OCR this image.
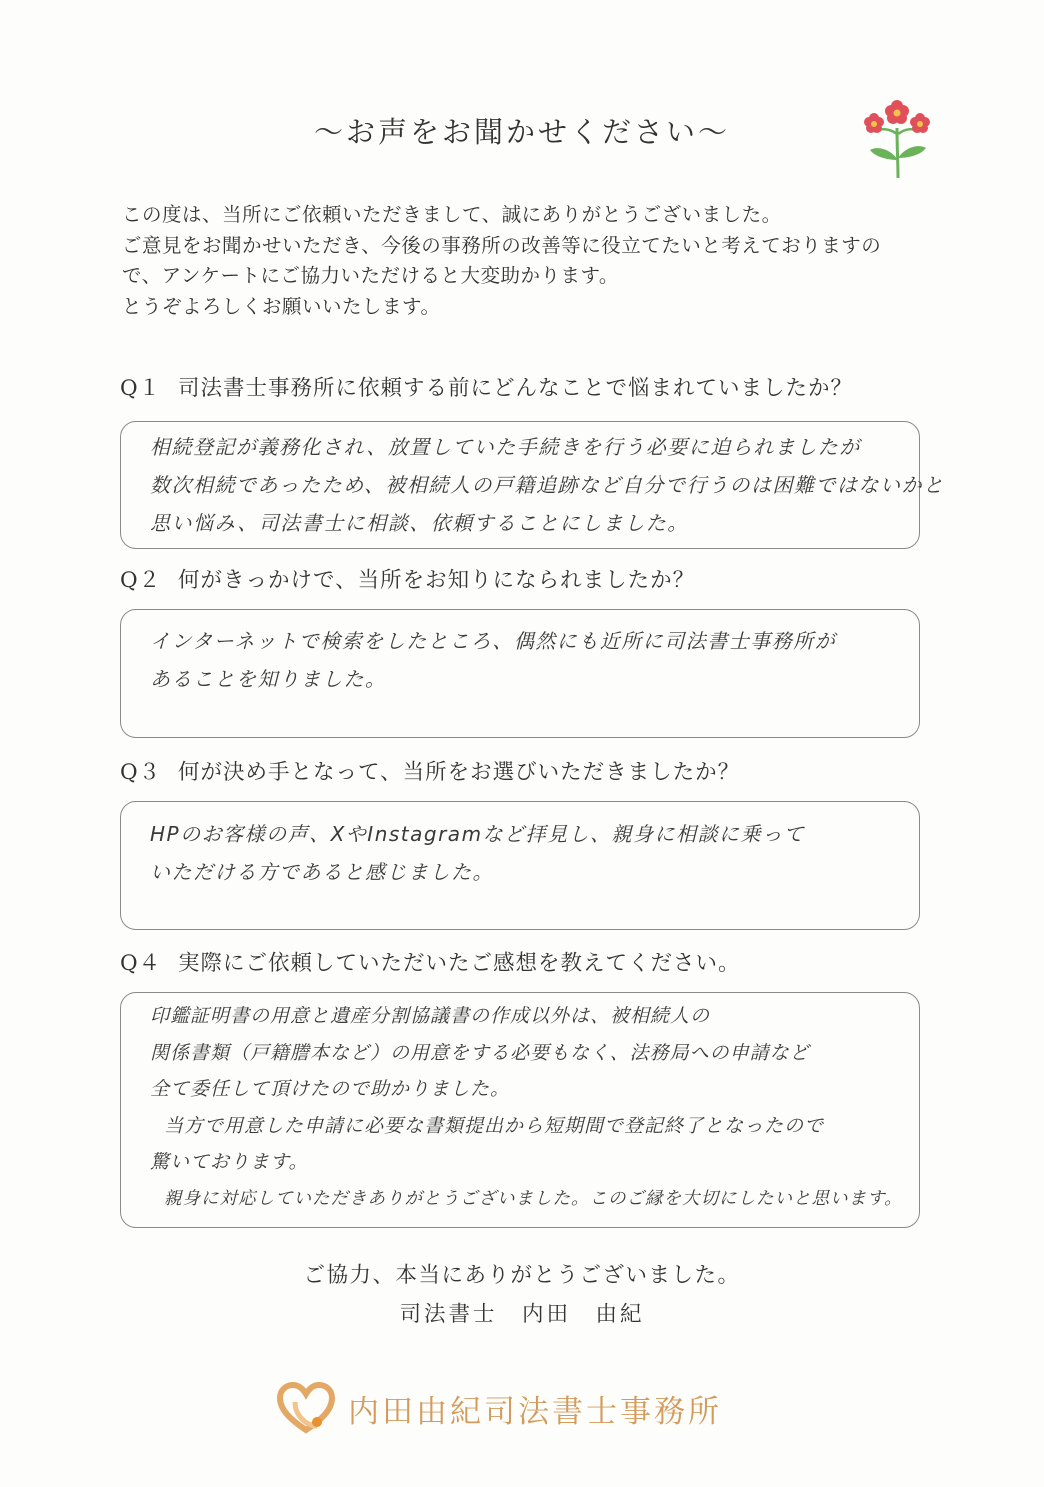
～お声をお聞かせください～

この度は、当所にご依頼いただきまして、誠にありがとうございました。

ご意見をお聞かせいただき、今後の事務所の改善等に役立てたいと考えておりますの

で、アンケートにご協力いただけると大変助かります。

とうぞよろしくお願いいたします。

Q１ 司法書士事務所に依頼する前にどんなことで悩まれていましたか？

相続登記が義務化され、放置していた手続きを行う必要に迫られましたが

数次相続であったため、被相続人の戸籍追跡など自分で行うのは困難ではないかと

思い悩み、司法書士に相談、依頼することにしました。

Q２ 何がきっかけで、当所をお知りになられましたか？

インターネットで検索をしたところ、偶然にも近所に司法書士事務所が

あることを知りました。

Q３ 何が決め手となって、当所をお選びいただきましたか？

HPのお客様の声、XやInstagramなど拝見し、親身に相談に乗って

いただける方であると感じました。

Q４ 実際にご依頼していただいたご感想を教えてください。

印鑑証明書の用意と遺産分割協議書の作成以外は、被相続人の

関係書類（戸籍謄本など）の用意をする必要もなく、法務局への申請など

全て委任して頂けたので助かりました。

当方で用意した申請に必要な書類提出から短期間で登記終了となったので

驚いております。

親身に対応していただきありがとうございました。このご縁を大切にしたいと思います。

ご協力、本当にありがとうございました。
司法書士　内田　由紀
内田由紀司法書士事務所
